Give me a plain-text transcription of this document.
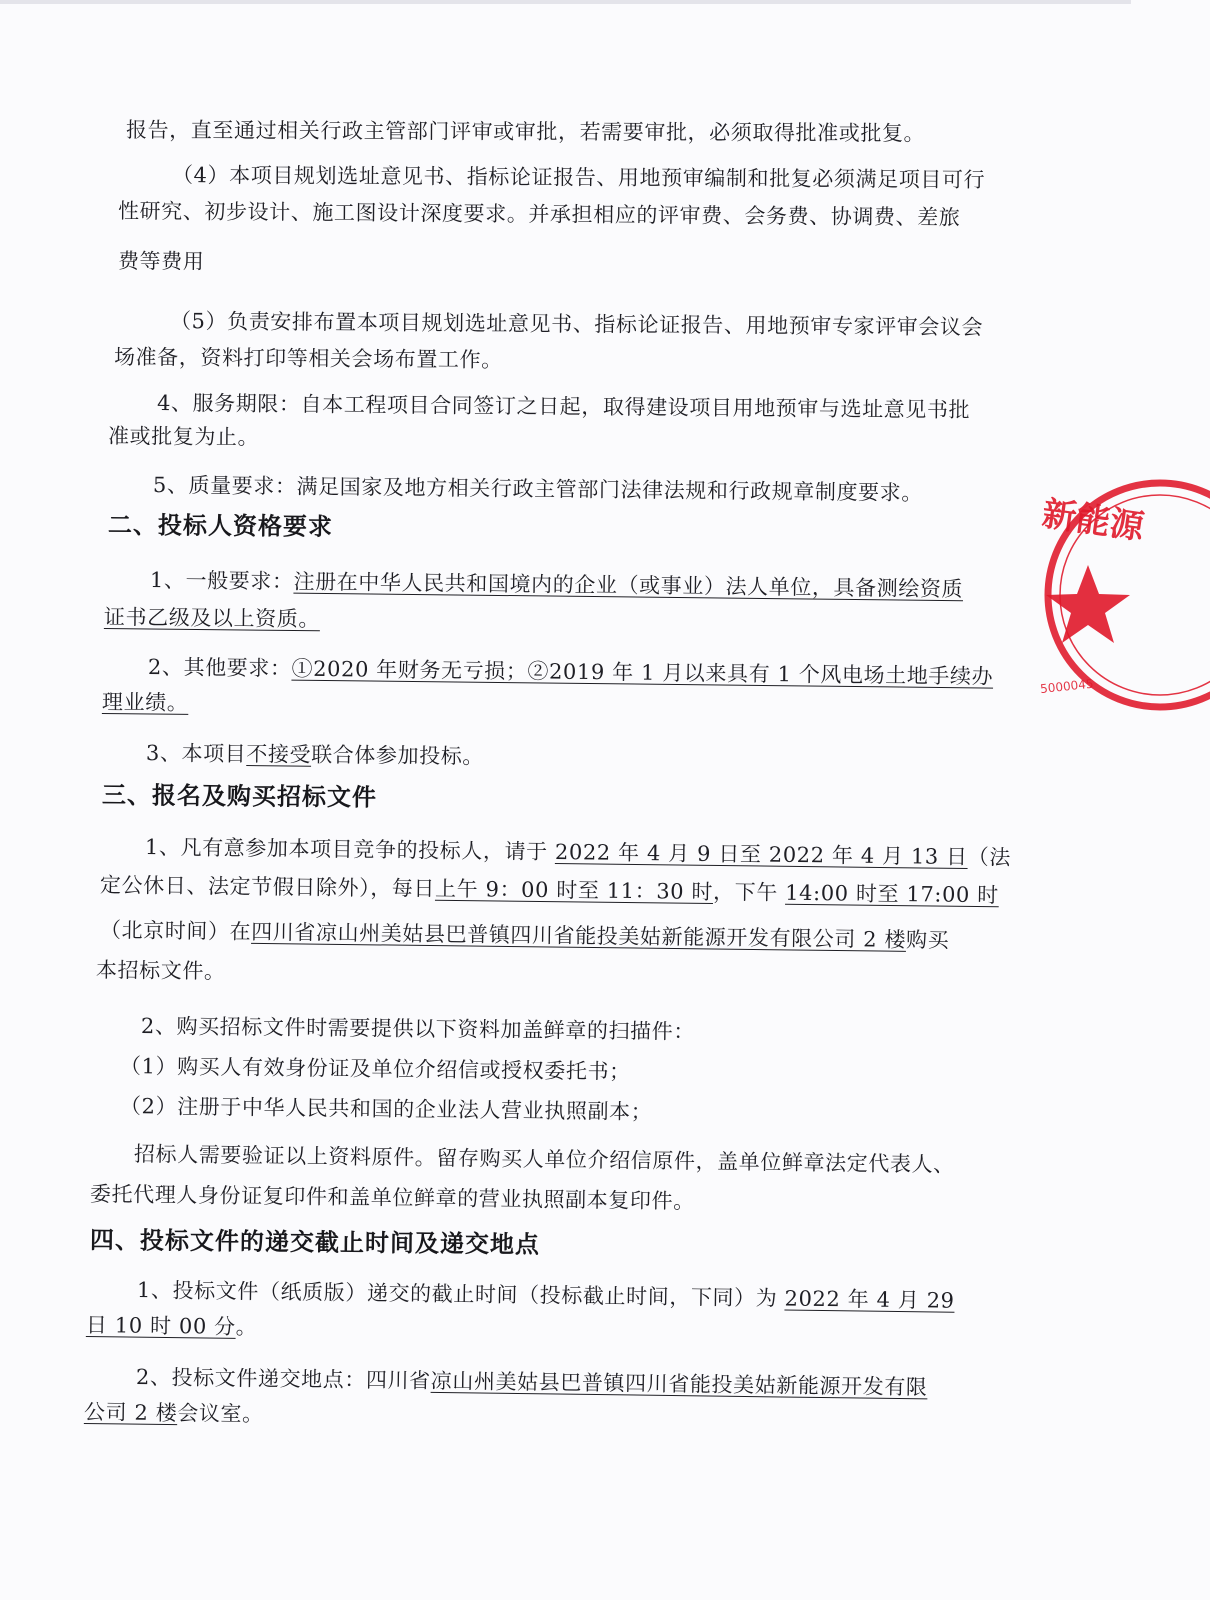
报告，直至通过相关行政主管部门评审或审批，若需要审批，必须取得批准或批复。
（4）本项目规划选址意见书、指标论证报告、用地预审编制和批复必须满足项目可行
性研究、初步设计、施工图设计深度要求。并承担相应的评审费、会务费、协调费、差旅
费等费用
（5）负责安排布置本项目规划选址意见书、指标论证报告、用地预审专家评审会议会
场准备，资料打印等相关会场布置工作。
4、服务期限：自本工程项目合同签订之日起，取得建设项目用地预审与选址意见书批
准或批复为止。
5、质量要求：满足国家及地方相关行政主管部门法律法规和行政规章制度要求。
二、投标人资格要求
1、一般要求：注册在中华人民共和国境内的企业（或事业）法人单位，具备测绘资质
证书乙级及以上资质。
2、其他要求：①2020 年财务无亏损；②2019 年 1 月以来具有 1 个风电场土地手续办
理业绩。
3、本项目不接受联合体参加投标。
三、报名及购买招标文件
1、凡有意参加本项目竞争的投标人，请于 2022 年 4 月 9 日至 2022 年 4 月 13 日（法
定公休日、法定节假日除外），每日上午 9：00 时至 11：30 时，下午 14:00 时至 17:00 时
（北京时间）在四川省凉山州美姑县巴普镇四川省能投美姑新能源开发有限公司 2 楼购买
本招标文件。
2、购买招标文件时需要提供以下资料加盖鲜章的扫描件：
（1）购买人有效身份证及单位介绍信或授权委托书；
（2）注册于中华人民共和国的企业法人营业执照副本；
招标人需要验证以上资料原件。留存购买人单位介绍信原件，盖单位鲜章法定代表人、
委托代理人身份证复印件和盖单位鲜章的营业执照副本复印件。
四、投标文件的递交截止时间及递交地点
1、投标文件（纸质版）递交的截止时间（投标截止时间，下同）为 2022 年 4 月 29
日 10 时 00 分。
2、投标文件递交地点：四川省凉山州美姑县巴普镇四川省能投美姑新能源开发有限
公司 2 楼会议室。
新能源
5000045
